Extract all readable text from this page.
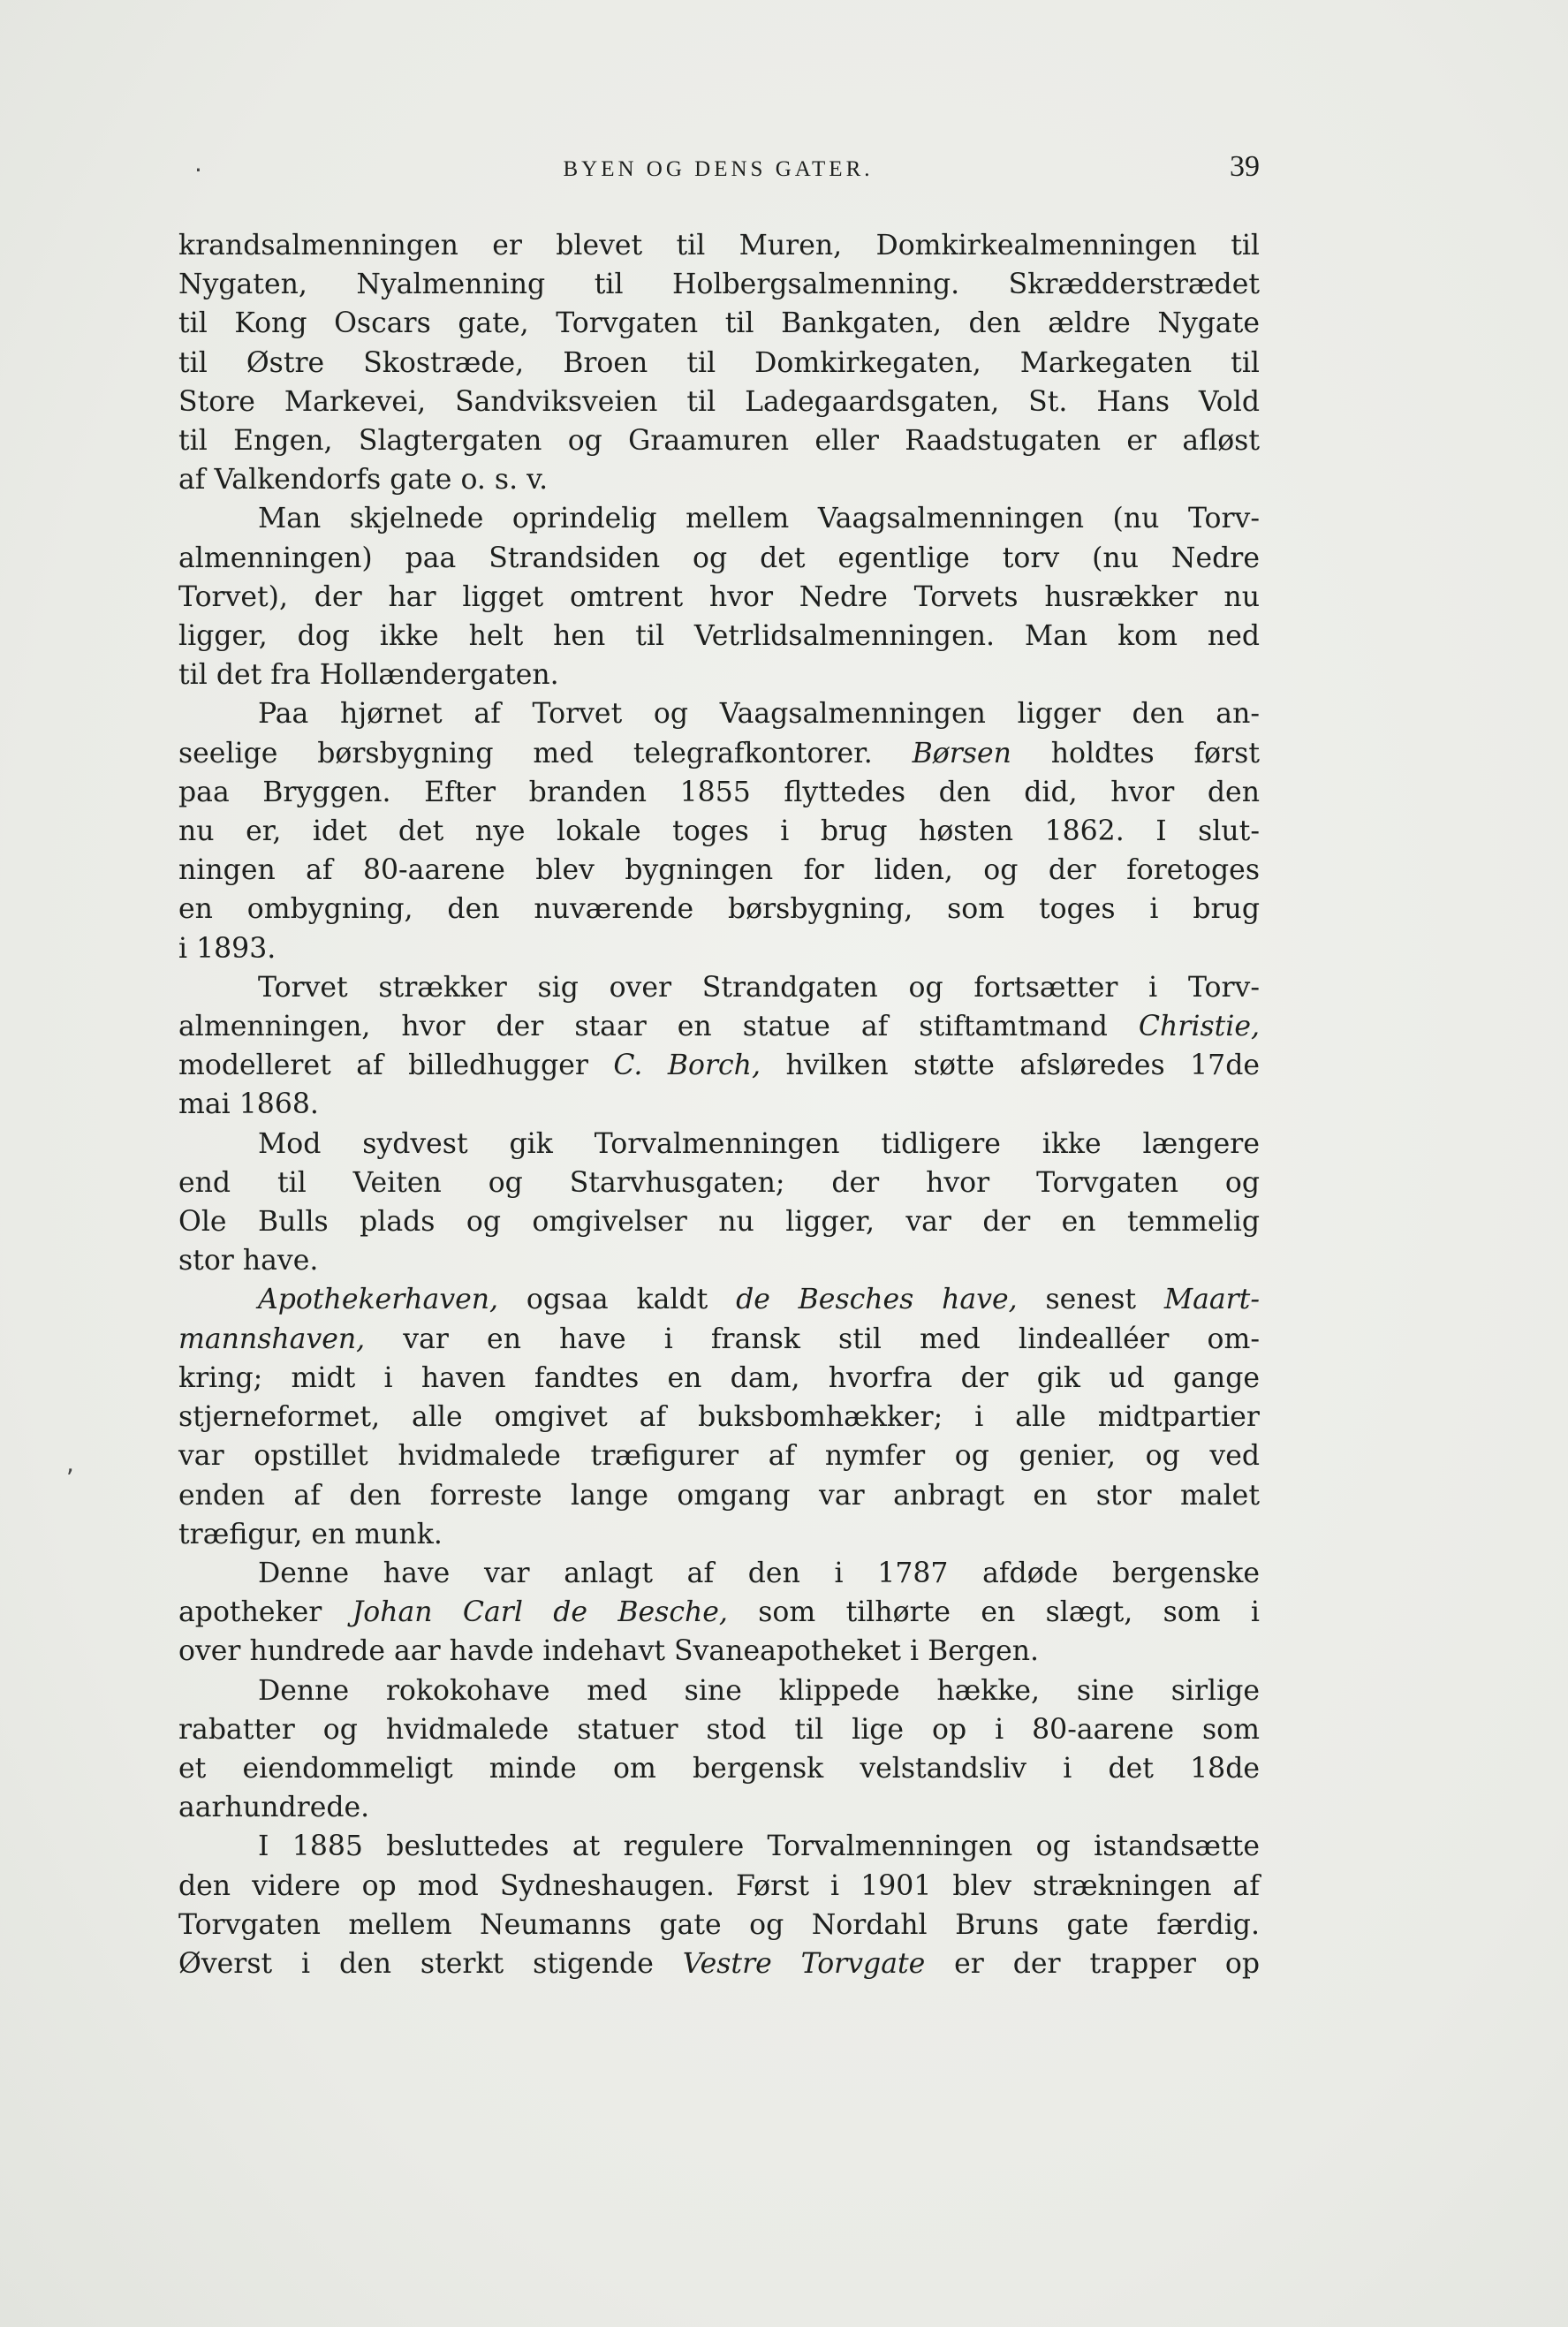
BYEN OG DENS GATER.	39

krandsalmenningen er blevet til Muren, Domkirkealmenningen til

Nygaten, Nyalmenning til Holbergsalmenning. Skrædderstrædet

til Kong Oscars gate, Torvgaten til Bankgaten, den ældre Nygate

til Østre Skostræde, Broen til Domkirkegaten, Markegaten til

Store Markevei, Sandviksveien til Ladegaardsgaten, St. Hans Vold

til Engen, Slagtergaten og Graamuren eller Raadstugaten er afløst

af Valkendorfs gate o. s. v.

Man skjelnede oprindelig mellem Vaagsalmenningen (nu Torv-

almenningen) paa Strandsiden og det egentlige torv (nu Nedre

Torvet), der har ligget omtrent hvor Nedre Torvets husrækker nu

ligger, dog ikke helt hen til Vetrlidsalmenningen. Man kom ned

til det fra Hollændergaten.

Paa hjørnet af Torvet og Vaagsalmenningen ligger den an-

seelige børsbygning med telegrafkontorer. Børsen holdtes først

paa Bryggen. Efter branden 1855 flyttedes den did, hvor den

nu er, idet det nye lokale toges i brug høsten 1862. I slut-

ningen af 80-aarene blev bygningen for liden, og der foretoges

en ombygning, den nuværende børsbygning, som toges i brug

i 1893.

Torvet strækker sig over Strandgaten og fortsætter i Torv-

almenningen, hvor der staar en statue af stiftamtmand Christie,

modelleret af billedhugger C. Borch, hvilken støtte afsløredes 17de

mai 1868.

Mod sydvest gik Torvalmenningen tidligere ikke længere

end til Veiten og Starvhusgaten; der hvor Torvgaten og

Ole Bulls plads og omgivelser nu ligger, var der en temmelig

stor have.

Apothekerhaven, ogsaa kaldt de Besches have, senest Maart-

mannshaven, var en have i fransk stil med lindealléer om-

kring; midt i haven fandtes en dam, hvorfra der gik ud gange

stjerneformet, alle omgivet af buksbomhækker; i alle midtpartier

var opstillet hvidmalede træfigurer af nymfer og genier, og ved

enden af den forreste lange omgang var anbragt en stor malet

træfigur, en munk.

Denne have var anlagt af den i 1787 afdøde bergenske

apotheker Johan Carl de Besche, som tilhørte en slægt, som i

over hundrede aar havde indehavt Svaneapotheket i Bergen.

Denne rokokohave med sine klippede hække, sine sirlige

rabatter og hvidmalede statuer stod til lige op i 80-aarene som

et eiendommeligt minde om bergensk velstandsliv i det 18de

aarhundrede.

I 1885 besluttedes at regulere Torvalmenningen og istandsætte

den videre op mod Sydneshaugen. Først i 1901 blev strækningen af

Torvgaten mellem Neumanns gate og Nordahl Bruns gate færdig.

Øverst i den sterkt stigende Vestre Torvgate er der trapper op

·
,
